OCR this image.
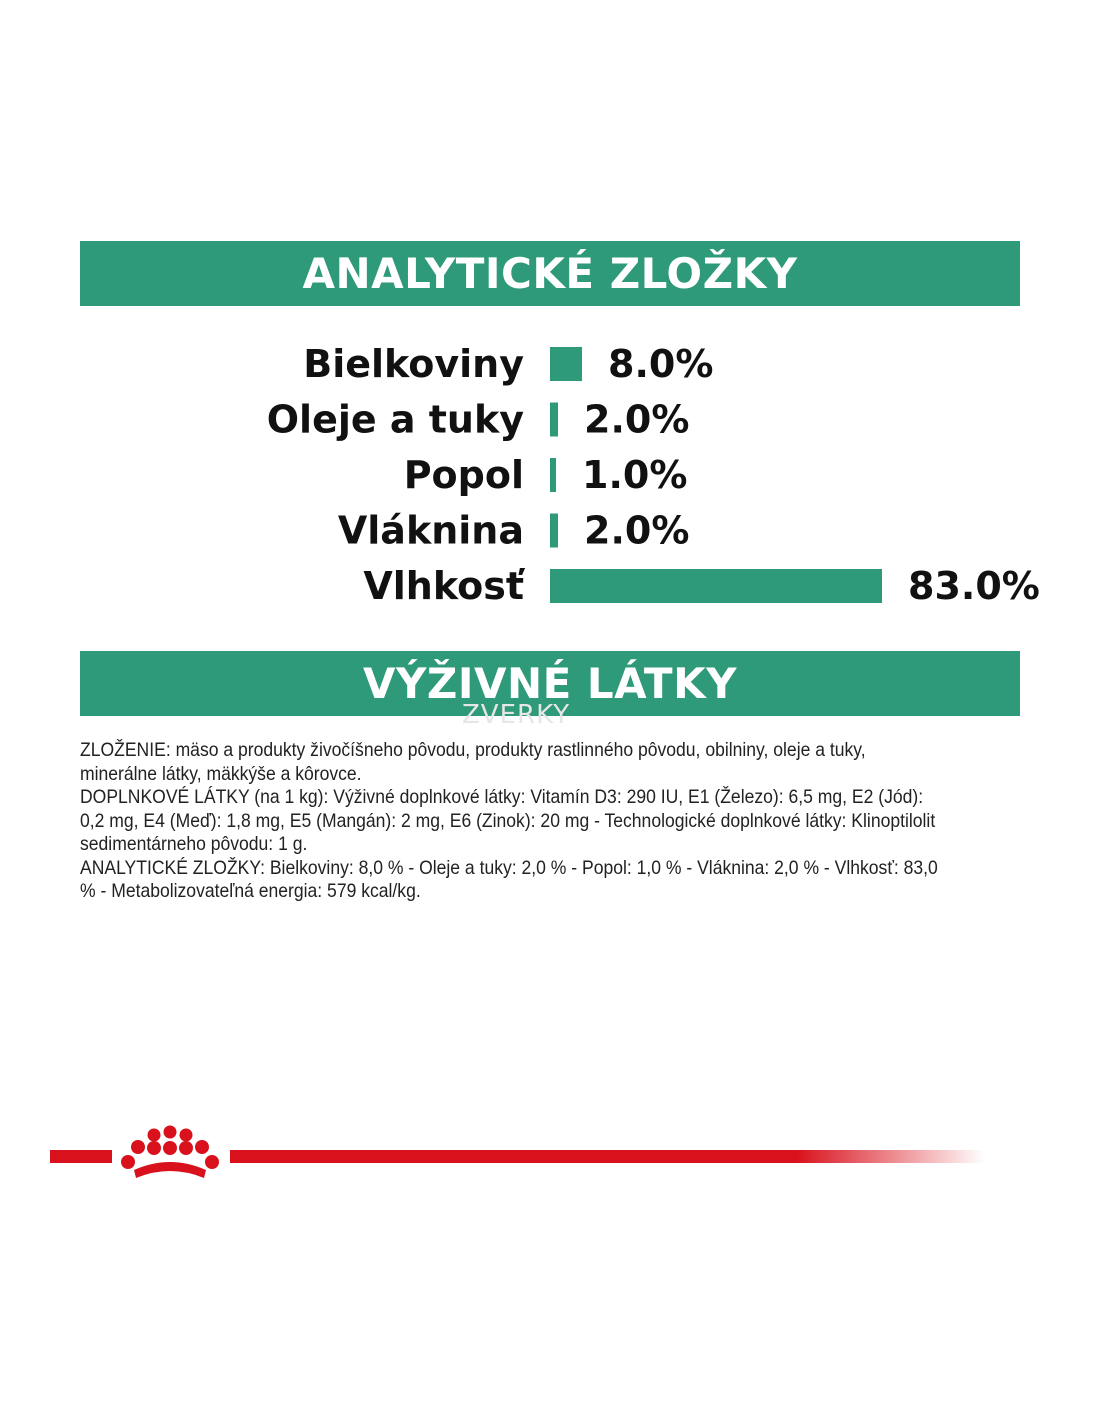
ANALYTICKÉ ZLOŽKY
Bielkoviny 8.0%
Oleje a tuky 2.0%
Popol 1.0%
Vláknina 2.0%
Vlhkosť	83.0%
VÝŽIVNÉ LÁTKY
ZVERKY

ZLOŽENIE: mäso a produkty živočíšneho pôvodu, produkty rastlinného pôvodu, obilniny, oleje a tuky, minerálne látky, mäkkýše a kôrovce.

DOPLNKOVÉ LÁTKY (na 1 kg): Výživné doplnkové látky: Vitamín D3: 290 IU, E1 (Železo): 6,5 mg, E2 (Jód): 0,2 mg, E4 (Meď): 1,8 mg, E5 (Mangán): 2 mg, E6 (Zinok): 20 mg - Technologické doplnkové látky: Klinoptilolit sedimentárneho pôvodu: 1 g.

ANALYTICKÉ ZLOŽKY: Bielkoviny: 8,0 % - Oleje a tuky: 2,0 % - Popol: 1,0 % - Vláknina: 2,0 % - Vlhkosť: 83,0 % - Metabolizovateľná energia: 579 kcal/kg.
